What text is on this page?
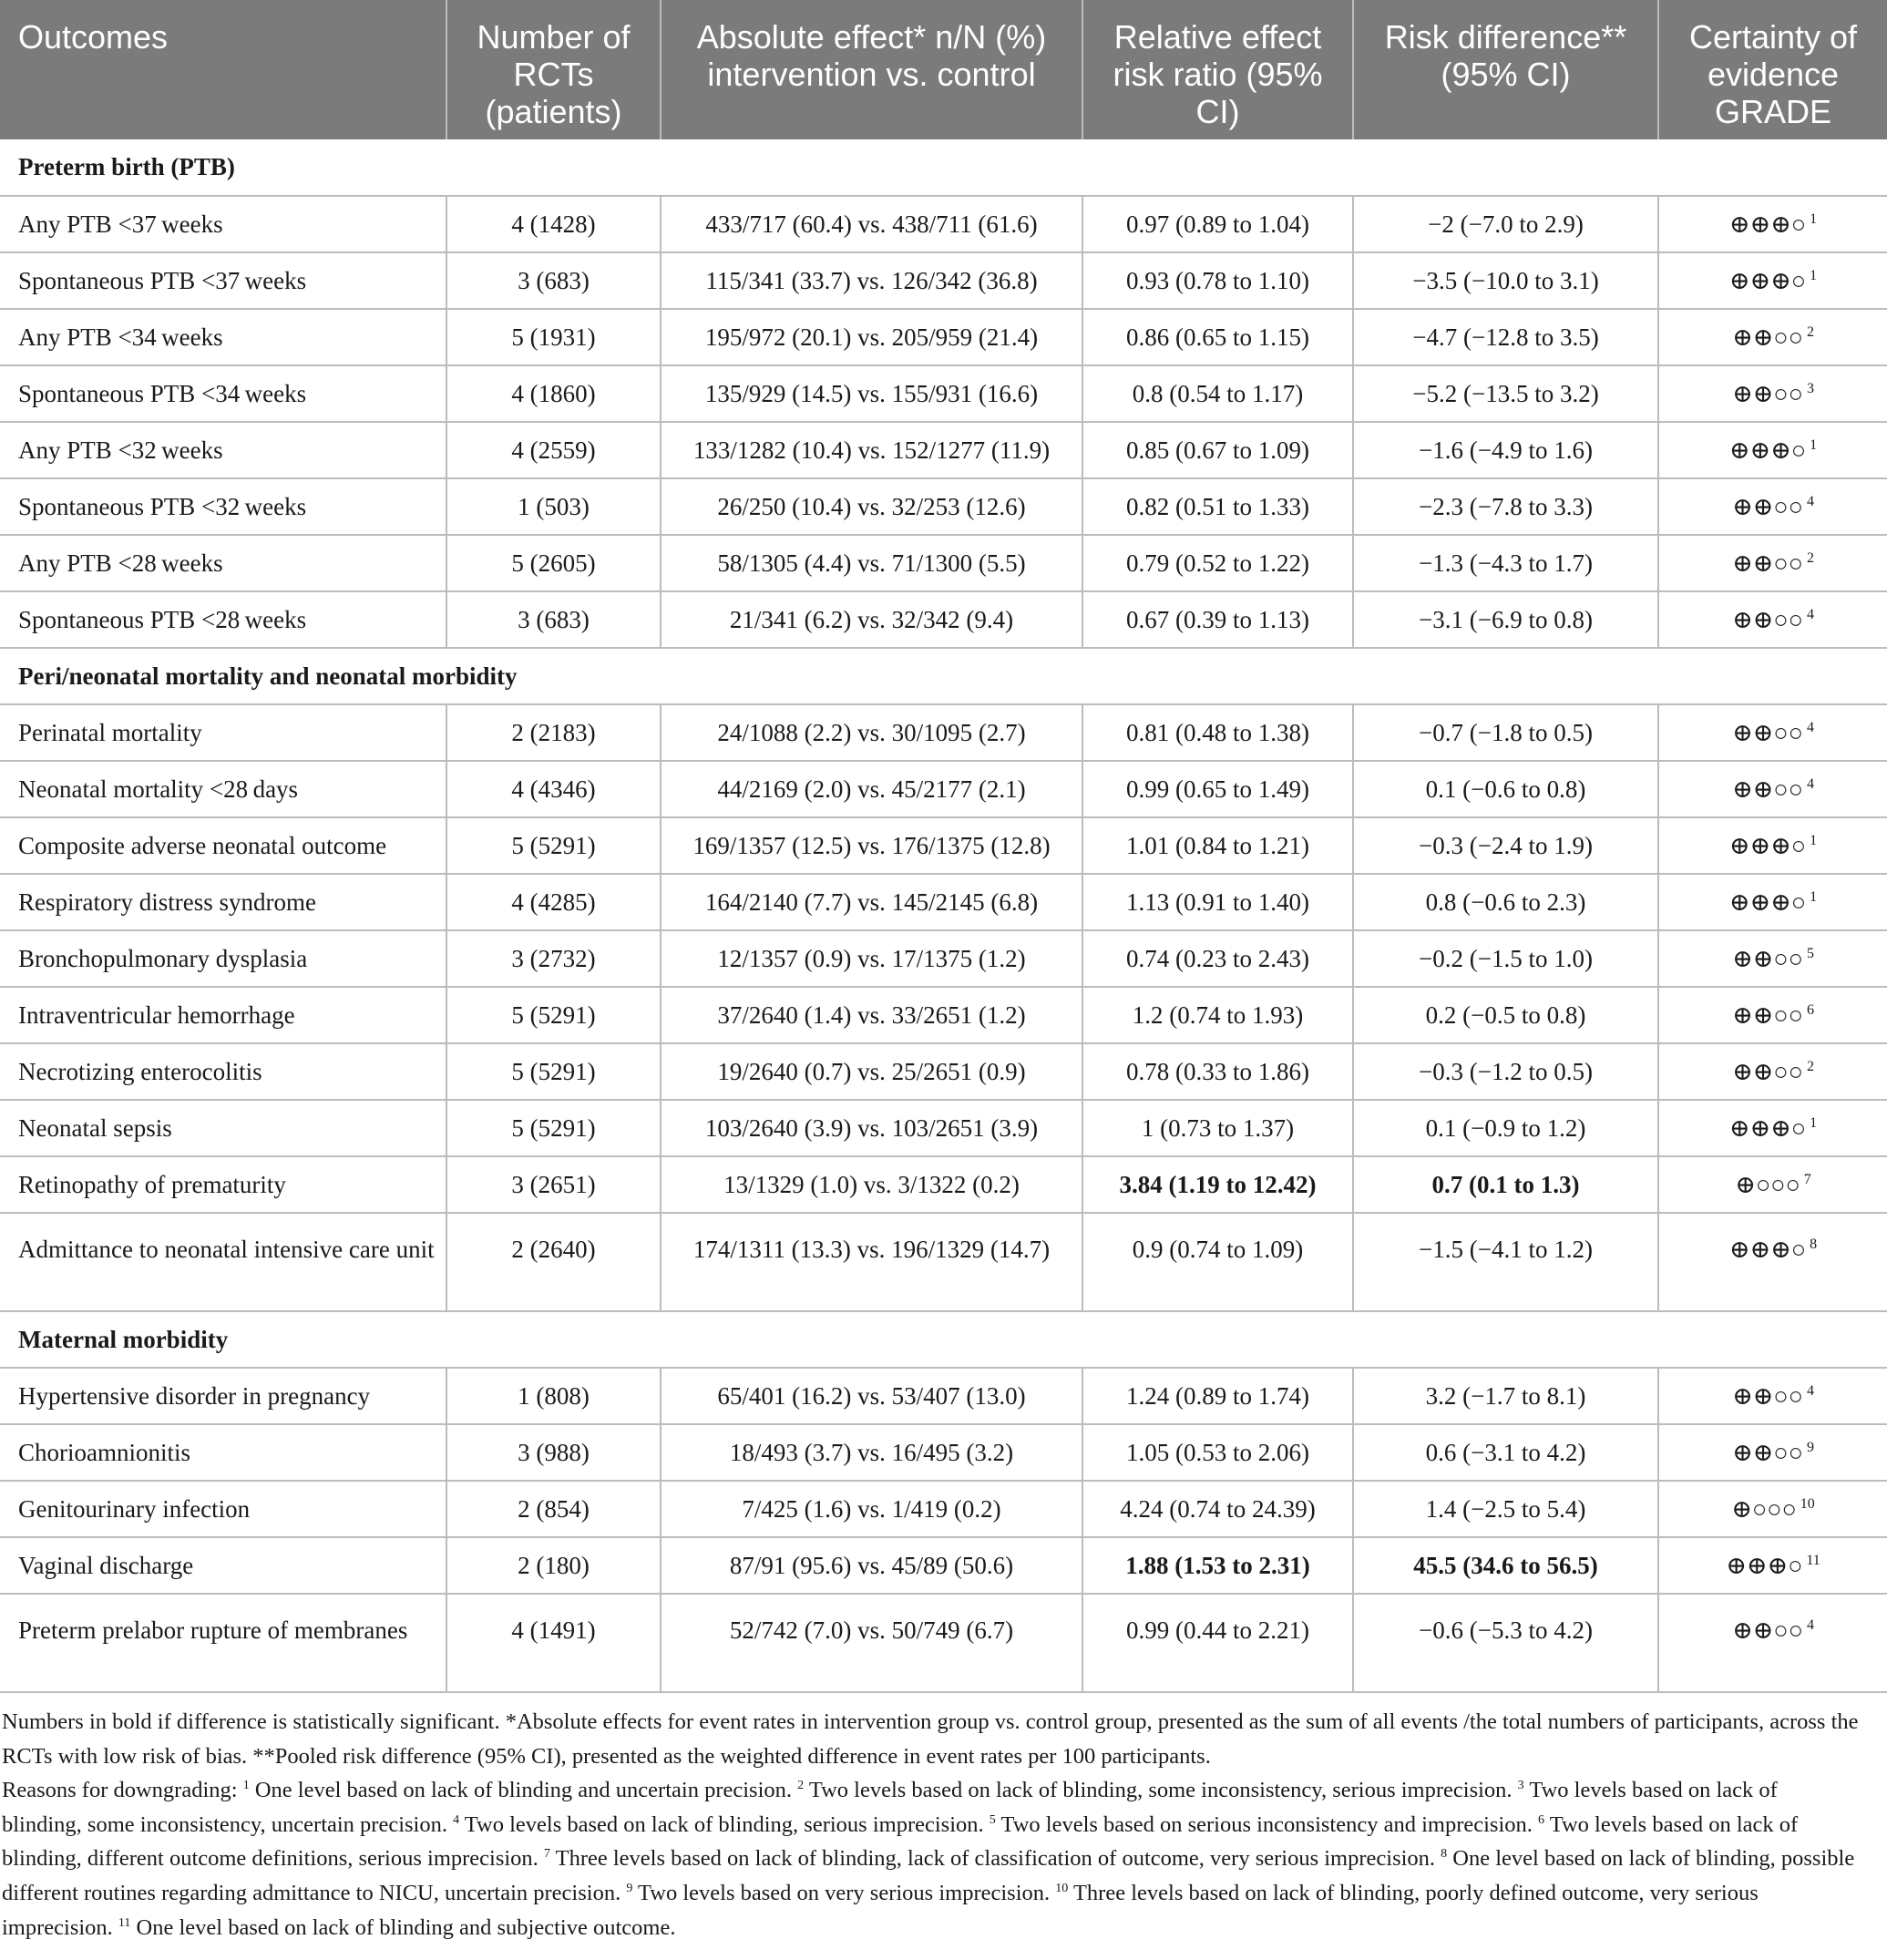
Outcomes	Number of RCTs (patients)	Absolute effect* n/N (%) intervention vs. control	Relative effect risk ratio (95% CI)	Risk difference** (95% CI)	Certainty of evidence GRADE
Preterm birth (PTB)					
Any PTB <37 weeks	4 (1428)	433/717 (60.4) vs. 438/711 (61.6)	0.97 (0.89 to 1.04)	−2 (−7.0 to 2.9)	⊕⊕⊕○ $^1$
Spontaneous PTB <37 weeks	3 (683)	115/341 (33.7) vs. 126/342 (36.8)	0.93 (0.78 to 1.10)	−3.5 (−10.0 to 3.1)	⊕⊕⊕○ $^1$
Any PTB <34 weeks	5 (1931)	195/972 (20.1) vs. 205/959 (21.4)	0.86 (0.65 to 1.15)	−4.7 (−12.8 to 3.5)	⊕⊕○○ $^2$
Spontaneous PTB <34 weeks	4 (1860)	135/929 (14.5) vs. 155/931 (16.6)	0.8 (0.54 to 1.17)	−5.2 (−13.5 to 3.2)	⊕⊕○○ $^3$
Any PTB <32 weeks	4 (2559)	133/1282 (10.4) vs. 152/1277 (11.9)	0.85 (0.67 to 1.09)	−1.6 (−4.9 to 1.6)	⊕⊕⊕○ $^1$
Spontaneous PTB <32 weeks	1 (503)	26/250 (10.4) vs. 32/253 (12.6)	0.82 (0.51 to 1.33)	−2.3 (−7.8 to 3.3)	⊕⊕○○ $^4$
Any PTB <28 weeks	5 (2605)	58/1305 (4.4) vs. 71/1300 (5.5)	0.79 (0.52 to 1.22)	−1.3 (−4.3 to 1.7)	⊕⊕○○ $^2$
Spontaneous PTB <28 weeks	3 (683)	21/341 (6.2) vs. 32/342 (9.4)	0.67 (0.39 to 1.13)	−3.1 (−6.9 to 0.8)	⊕⊕○○ $^4$
Peri/neonatal mortality and neonatal morbidity					
Perinatal mortality	2 (2183)	24/1088 (2.2) vs. 30/1095 (2.7)	0.81 (0.48 to 1.38)	−0.7 (−1.8 to 0.5)	⊕⊕○○ $^4$
Neonatal mortality <28 days	4 (4346)	44/2169 (2.0) vs. 45/2177 (2.1)	0.99 (0.65 to 1.49)	0.1 (−0.6 to 0.8)	⊕⊕○○ $^4$
Composite adverse neonatal outcome	5 (5291)	169/1357 (12.5) vs. 176/1375 (12.8)	1.01 (0.84 to 1.21)	−0.3 (−2.4 to 1.9)	⊕⊕⊕○ $^1$
Respiratory distress syndrome	4 (4285)	164/2140 (7.7) vs. 145/2145 (6.8)	1.13 (0.91 to 1.40)	0.8 (−0.6 to 2.3)	⊕⊕⊕○ $^1$
Bronchopulmonary dysplasia	3 (2732)	12/1357 (0.9) vs. 17/1375 (1.2)	0.74 (0.23 to 2.43)	−0.2 (−1.5 to 1.0)	⊕⊕○○ $^5$
Intraventricular hemorrhage	5 (5291)	37/2640 (1.4) vs. 33/2651 (1.2)	1.2 (0.74 to 1.93)	0.2 (−0.5 to 0.8)	⊕⊕○○ $^6$
Necrotizing enterocolitis	5 (5291)	19/2640 (0.7) vs. 25/2651 (0.9)	0.78 (0.33 to 1.86)	−0.3 (−1.2 to 0.5)	⊕⊕○○ $^2$
Neonatal sepsis	5 (5291)	103/2640 (3.9) vs. 103/2651 (3.9)	1 (0.73 to 1.37)	0.1 (−0.9 to 1.2)	⊕⊕⊕○ $^1$
Retinopathy of prematurity	3 (2651)	13/1329 (1.0) vs. 3/1322 (0.2)	3.84 (1.19 to 12.42)	0.7 (0.1 to 1.3)	⊕○○○ $^7$
Admittance to neonatal intensive care unit	2 (2640)	174/1311 (13.3) vs. 196/1329 (14.7)	0.9 (0.74 to 1.09)	−1.5 (−4.1 to 1.2)	⊕⊕⊕○ $^8$
Maternal morbidity					
Hypertensive disorder in pregnancy	1 (808)	65/401 (16.2) vs. 53/407 (13.0)	1.24 (0.89 to 1.74)	3.2 (−1.7 to 8.1)	⊕⊕○○ $^4$
Chorioamnionitis	3 (988)	18/493 (3.7) vs. 16/495 (3.2)	1.05 (0.53 to 2.06)	0.6 (−3.1 to 4.2)	⊕⊕○○ $^9$
Genitourinary infection	2 (854)	7/425 (1.6) vs. 1/419 (0.2)	4.24 (0.74 to 24.39)	1.4 (−2.5 to 5.4)	⊕○○○ $^{10}$
Vaginal discharge	2 (180)	87/91 (95.6) vs. 45/89 (50.6)	1.88 (1.53 to 2.31)	45.5 (34.6 to 56.5)	⊕⊕⊕○ $^{11}$
Preterm prelabor rupture of membranes	4 (1491)	52/742 (7.0) vs. 50/749 (6.7)	0.99 (0.44 to 2.21)	−0.6 (−5.3 to 4.2)	⊕⊕○○ $^4$

Numbers in bold if difference is statistically significant. *Absolute effects for event rates in intervention group vs. control group, presented as the sum of all events /the total numbers of participants, across the RCTs with low risk of bias. **Pooled risk difference (95% CI), presented as the weighted difference in event rates per 100 participants.

Reasons for downgrading: $^1$ One level based on lack of blinding and uncertain precision. $^2$ Two levels based on lack of blinding, some inconsistency, serious imprecision. $^3$ Two levels based on lack of blinding, some inconsistency, uncertain precision. $^4$ Two levels based on lack of blinding, serious imprecision. $^5$ Two levels based on serious inconsistency and imprecision. $^6$ Two levels based on lack of blinding, different outcome definitions, serious imprecision. $^7$ Three levels based on lack of blinding, lack of classification of outcome, very serious imprecision. $^8$ One level based on lack of blinding, possible different routines regarding admittance to NICU, uncertain precision. $^9$ Two levels based on very serious imprecision. $^{10}$ Three levels based on lack of blinding, poorly defined outcome, very serious imprecision. $^{11}$ One level based on lack of blinding and subjective outcome.
